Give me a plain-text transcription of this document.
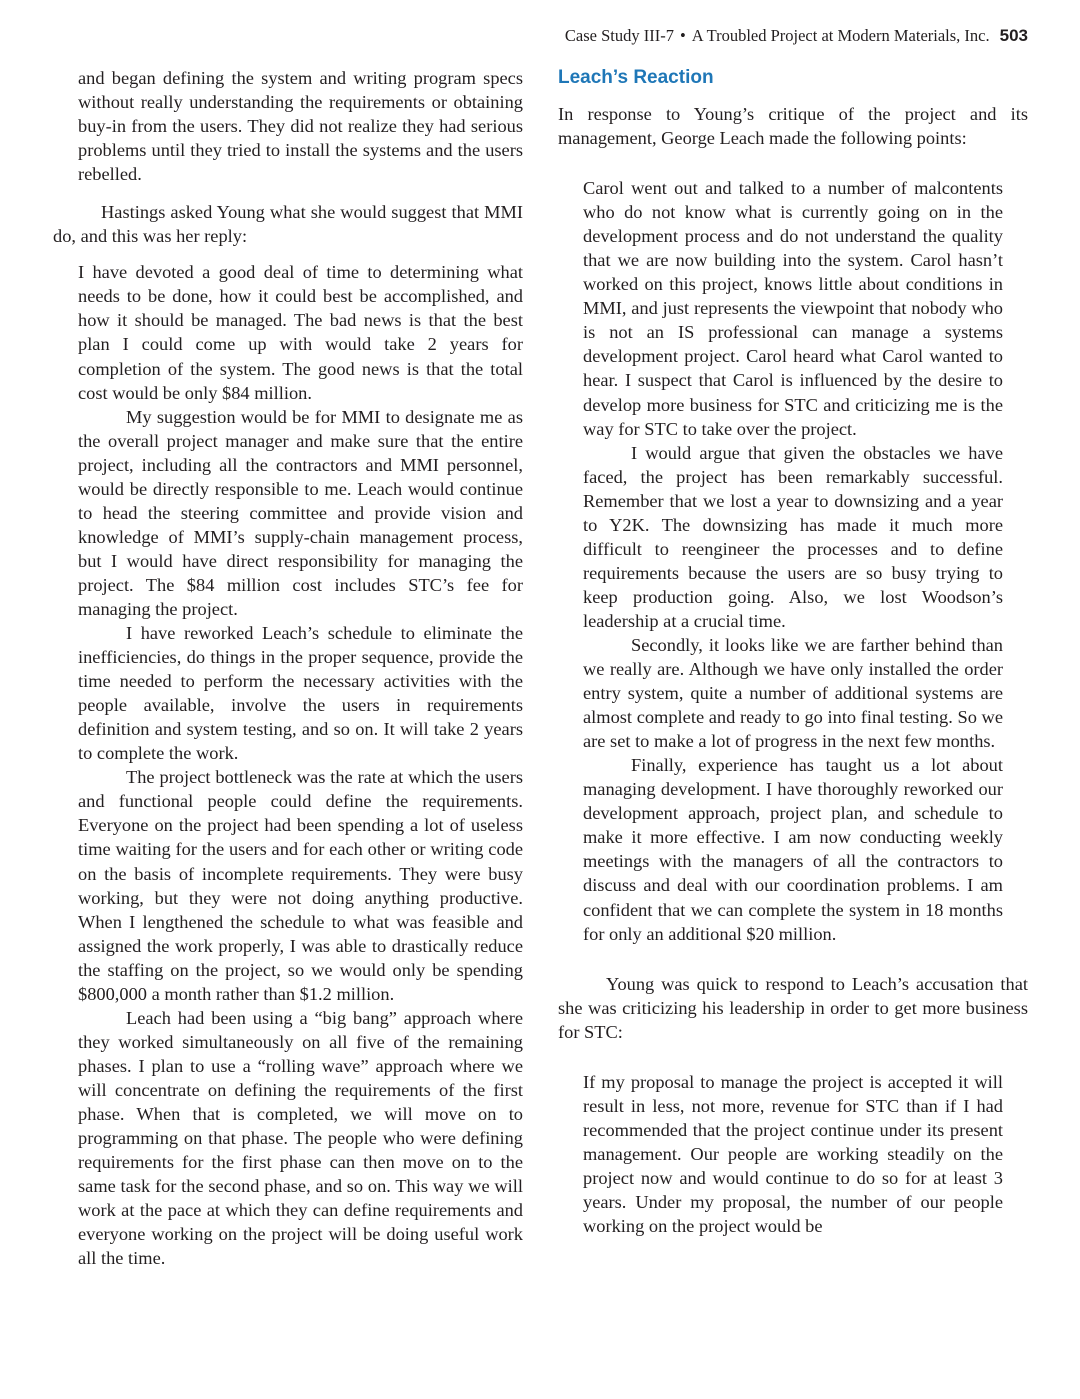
Case Study III-7 • A Troubled Project at Modern Materials, Inc. 503

and began defining the system and writing program specs without really understanding the requirements or obtaining buy-in from the users. They did not realize they had serious problems until they tried to install the systems and the users rebelled.

Hastings asked Young what she would suggest that MMI do, and this was her reply:

I have devoted a good deal of time to determining what needs to be done, how it could best be accomplished, and how it should be managed. The bad news is that the best plan I could come up with would take 2 years for completion of the system. The good news is that the total cost would be only $84 million.

My suggestion would be for MMI to designate me as the overall project manager and make sure that the entire project, including all the contractors and MMI personnel, would be directly responsible to me. Leach would continue to head the steering committee and provide vision and knowledge of MMI’s supply-chain management process, but I would have direct responsibility for managing the project. The $84 million cost includes STC’s fee for managing the project.

I have reworked Leach’s schedule to eliminate the inefficiencies, do things in the proper sequence, provide the time needed to perform the necessary activities with the people available, involve the users in requirements definition and system testing, and so on. It will take 2 years to complete the work.

The project bottleneck was the rate at which the users and functional people could define the requirements. Everyone on the project had been spending a lot of useless time waiting for the users and for each other or writing code on the basis of incomplete requirements. They were busy working, but they were not doing anything productive. When I lengthened the schedule to what was feasible and assigned the work properly, I was able to drastically reduce the staffing on the project, so we would only be spending $800,000 a month rather than $1.2 million.

Leach had been using a “big bang” approach where they worked simultaneously on all five of the remaining phases. I plan to use a “rolling wave” approach where we will concentrate on defining the requirements of the first phase. When that is completed, we will move on to programming on that phase. The people who were defining requirements for the first phase can then move on to the same task for the second phase, and so on. This way we will work at the pace at which they can define requirements and everyone working on the project will be doing useful work all the time.

Leach’s Reaction

In response to Young’s critique of the project and its management, George Leach made the following points:

Carol went out and talked to a number of malcontents who do not know what is currently going on in the development process and do not understand the quality that we are now building into the system. Carol hasn’t worked on this project, knows little about conditions in MMI, and just represents the viewpoint that nobody who is not an IS professional can manage a systems development project. Carol heard what Carol wanted to hear. I suspect that Carol is influenced by the desire to develop more business for STC and criticizing me is the way for STC to take over the project.

I would argue that given the obstacles we have faced, the project has been remarkably successful. Remember that we lost a year to downsizing and a year to Y2K. The downsizing has made it much more difficult to reengineer the processes and to define requirements because the users are so busy trying to keep production going. Also, we lost Woodson’s leadership at a crucial time.

Secondly, it looks like we are farther behind than we really are. Although we have only installed the order entry system, quite a number of additional systems are almost complete and ready to go into final testing. So we are set to make a lot of progress in the next few months.

Finally, experience has taught us a lot about managing development. I have thoroughly reworked our development approach, project plan, and schedule to make it more effective. I am now conducting weekly meetings with the managers of all the contractors to discuss and deal with our coordination problems. I am confident that we can complete the system in 18 months for only an additional $20 million.

Young was quick to respond to Leach’s accusation that she was criticizing his leadership in order to get more business for STC:

If my proposal to manage the project is accepted it will result in less, not more, revenue for STC than if I had recommended that the project continue under its present management. Our people are working steadily on the project now and would continue to do so for at least 3 years. Under my proposal, the number of our people working on the project would be
